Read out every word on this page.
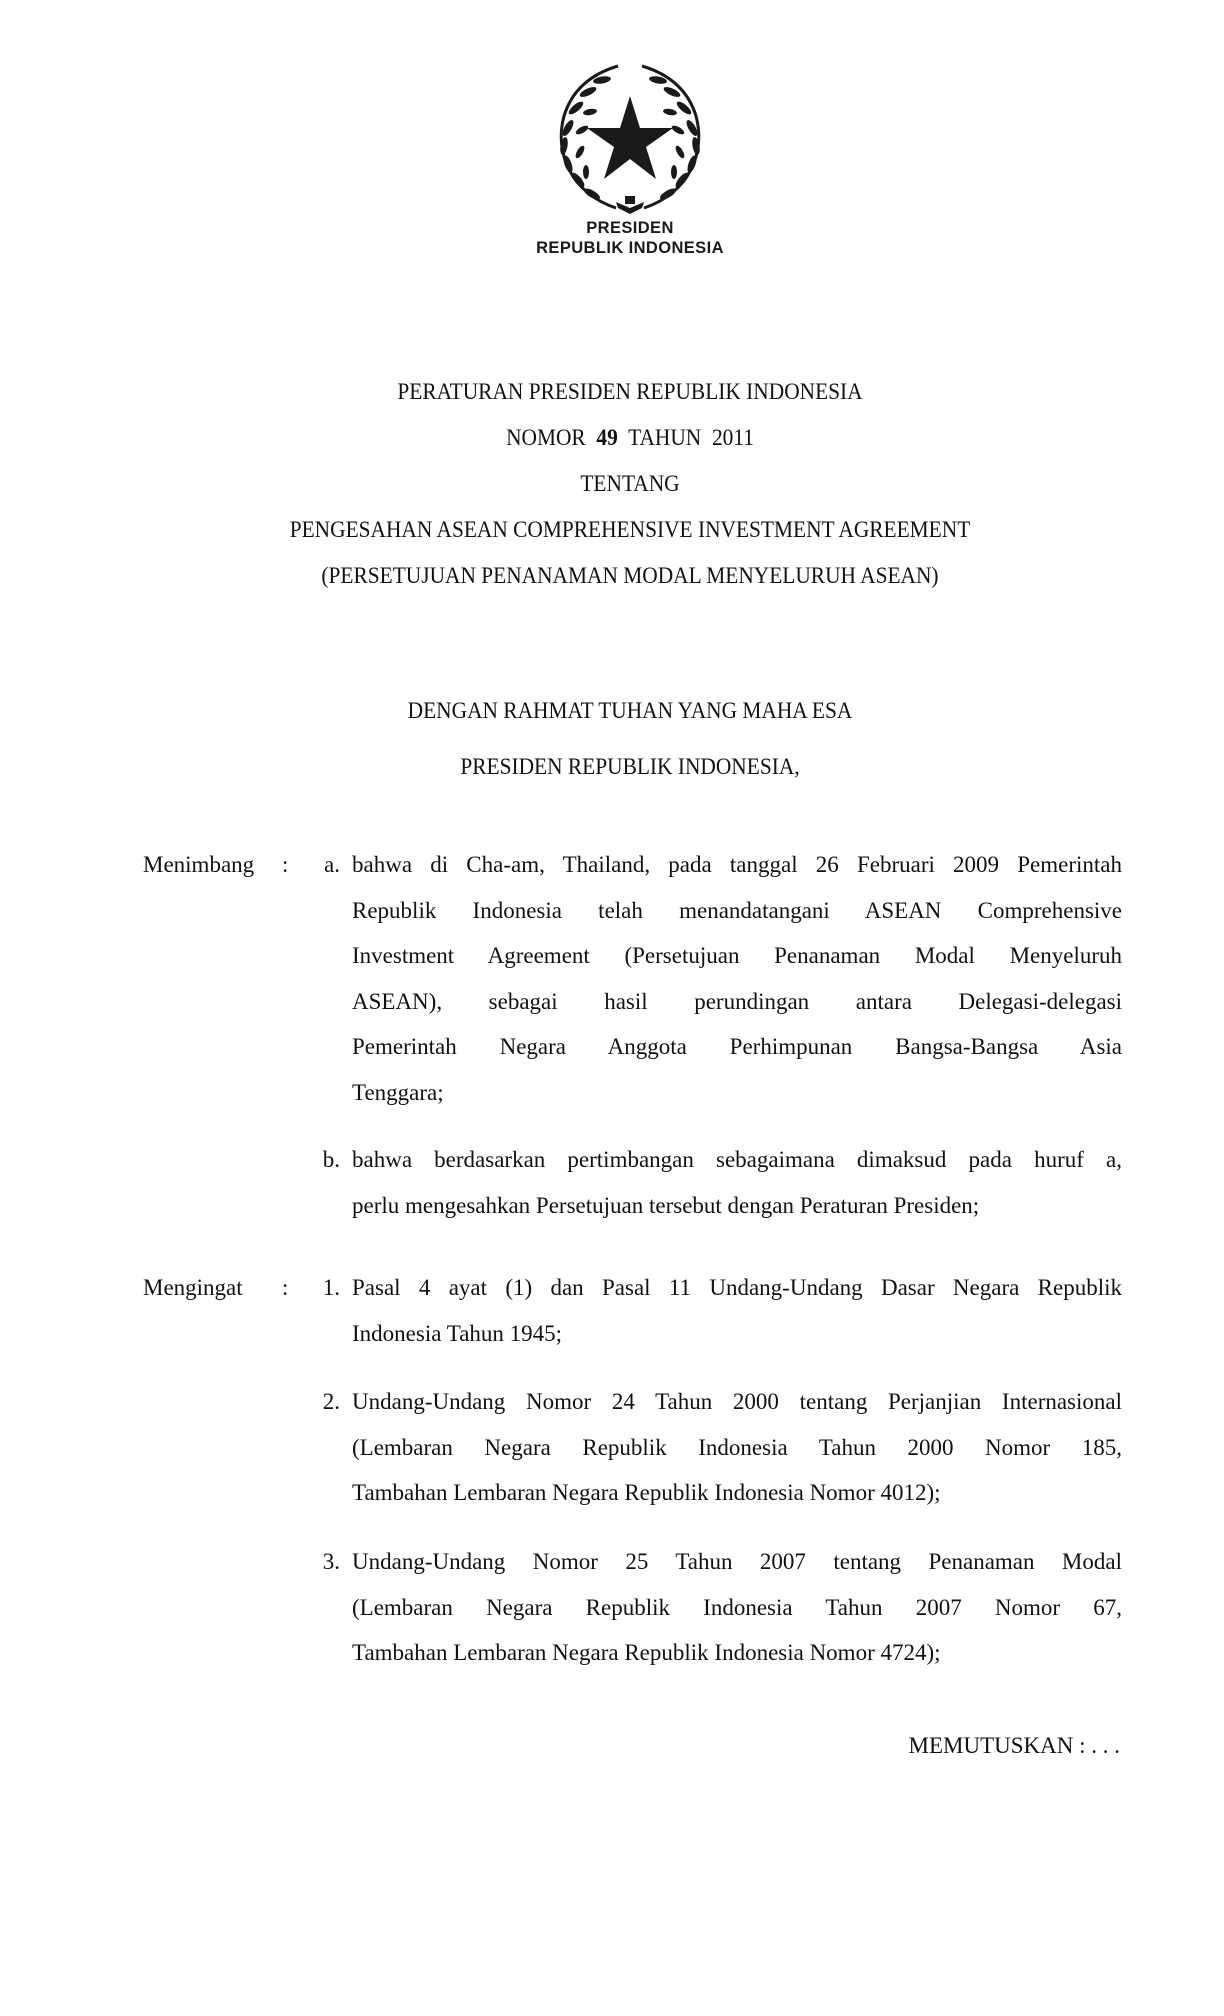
PRESIDEN
REPUBLIK INDONESIA
PERATURAN PRESIDEN REPUBLIK INDONESIA
NOMOR 49 TAHUN 2011
TENTANG
PENGESAHAN ASEAN COMPREHENSIVE INVESTMENT AGREEMENT
(PERSETUJUAN PENANAMAN MODAL MENYELURUH ASEAN)
DENGAN RAHMAT TUHAN YANG MAHA ESA
PRESIDEN REPUBLIK INDONESIA,
Menimbang :	a. bahwa di Cha-am, Thailand, pada tanggal 26 Februari 2009 Pemerintah
Republik Indonesia telah menandatangani ASEAN Comprehensive
Investment Agreement (Persetujuan Penanaman Modal Menyeluruh
ASEAN), sebagai hasil perundingan antara Delegasi-delegasi
Pemerintah Negara Anggota Perhimpunan Bangsa-Bangsa Asia
Tenggara;
b. bahwa berdasarkan pertimbangan sebagaimana dimaksud pada huruf a,
perlu mengesahkan Persetujuan tersebut dengan Peraturan Presiden;
Mengingat :	1. Pasal 4 ayat (1) dan Pasal 11 Undang-Undang Dasar Negara Republik
Indonesia Tahun 1945;
2. Undang-Undang Nomor 24 Tahun 2000 tentang Perjanjian Internasional
(Lembaran Negara Republik Indonesia Tahun 2000 Nomor 185,
Tambahan Lembaran Negara Republik Indonesia Nomor 4012);
3. Undang-Undang Nomor 25 Tahun 2007 tentang Penanaman Modal
(Lembaran Negara Republik Indonesia Tahun 2007 Nomor 67,
Tambahan Lembaran Negara Republik Indonesia Nomor 4724);
MEMUTUSKAN : . . .
